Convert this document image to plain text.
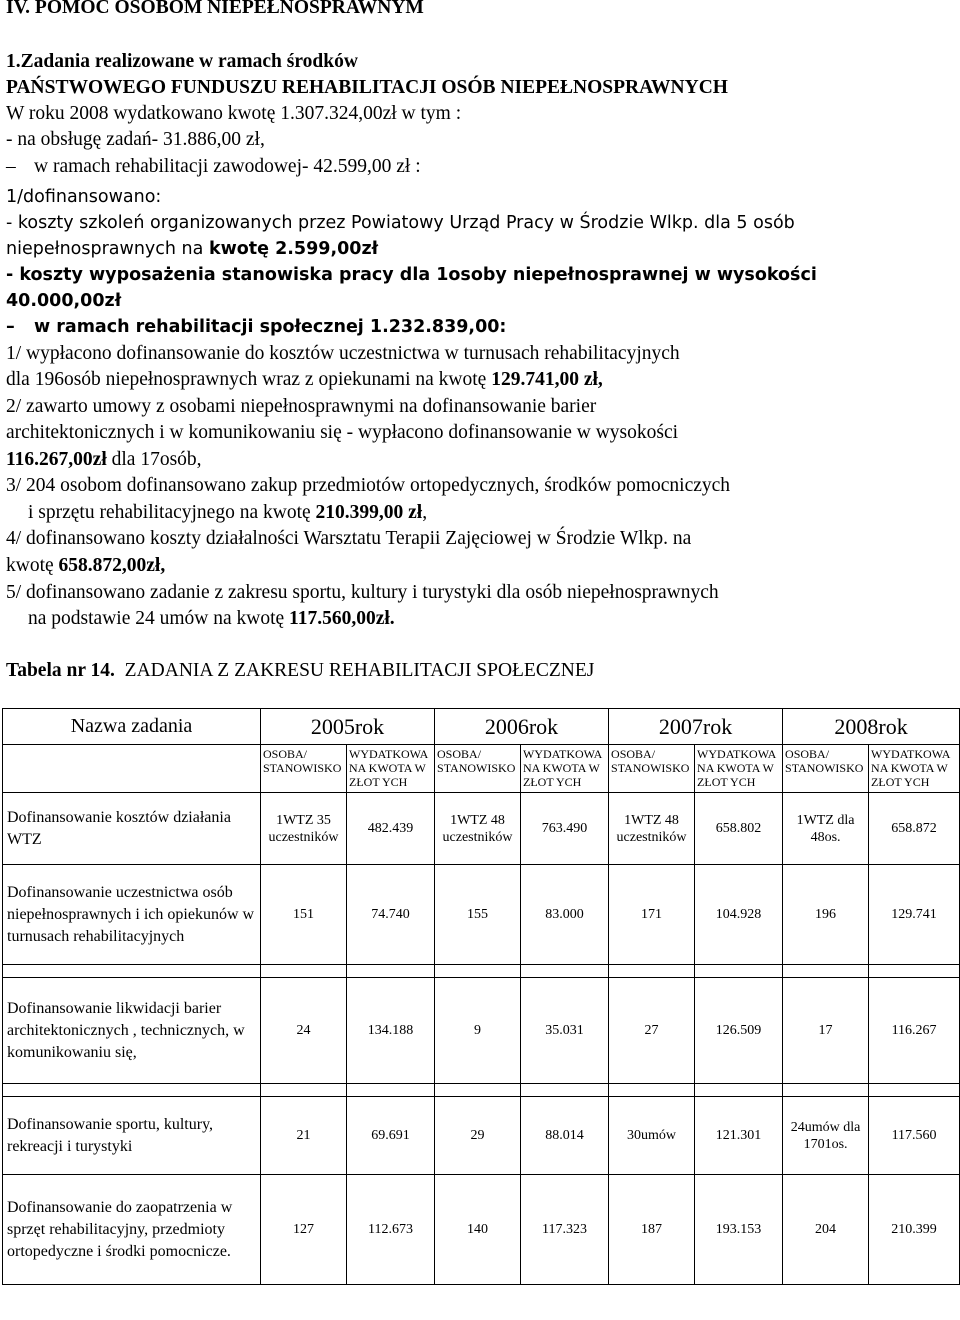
IV. POMOC OSOBOM NIEPEŁNOSPRAWNYM
1.Zadania realizowane w ramach środków
PAŃSTWOWEGO FUNDUSZU REHABILITACJI OSÓB NIEPEŁNOSPRAWNYCH
W roku 2008 wydatkowano kwotę 1.307.324,00zł w tym :
- na obsługę zadań- 31.886,00 zł,
– w ramach rehabilitacji zawodowej- 42.599,00 zł :
1/dofinansowano:
- koszty szkoleń organizowanych przez Powiatowy Urząd Pracy w Środzie Wlkp. dla 5 osób
niepełnosprawnych na kwotę 2.599,00zł
- koszty wyposażenia stanowiska pracy dla 1osoby niepełnosprawnej w wysokości
40.000,00zł
– w ramach rehabilitacji społecznej 1.232.839,00:
1/ wypłacono dofinansowanie do kosztów uczestnictwa w turnusach rehabilitacyjnych
dla 196osób niepełnosprawnych wraz z opiekunami na kwotę 129.741,00 zł,
2/ zawarto umowy z osobami niepełnosprawnymi na dofinansowanie barier
architektonicznych i w komunikowaniu się - wypłacono dofinansowanie w wysokości
116.267,00zł dla 17osób,
3/ 204 osobom dofinansowano zakup przedmiotów ortopedycznych, środków pomocniczych
i sprzętu rehabilitacyjnego na kwotę 210.399,00 zł,
4/ dofinansowano koszty działalności Warsztatu Terapii Zajęciowej w Środzie Wlkp. na
kwotę 658.872,00zł,
5/ dofinansowano zadanie z zakresu sportu, kultury i turystyki dla osób niepełnosprawnych
na podstawie 24 umów na kwotę 117.560,00zł.
Tabela nr 14. ZADANIA Z ZAKRESU REHABILITACJI SPOŁECZNEJ
Nazwa zadania	2005rok		2006rok		2007rok		2008rok	
	OSOBA/ STANOWISKO	WYDATKOWA NA KWOTA W ZŁOT YCH	OSOBA/ STANOWISKO	WYDATKOWA NA KWOTA W ZŁOT YCH	OSOBA/ STANOWISKO	WYDATKOWA NA KWOTA W ZŁOT YCH	OSOBA/ STANOWISKO	WYDATKOWA NA KWOTA W ZŁOT YCH
Dofinansowanie kosztów działania WTZ	1WTZ 35 uczestników	482.439	1WTZ 48 uczestników	763.490	1WTZ 48 uczestników	658.802	1WTZ dla 48os.	658.872
Dofinansowanie uczestnictwa osób niepełnosprawnych i ich opiekunów w turnusach rehabilitacyjnych	151	74.740	155	83.000	171	104.928	196	129.741

Dofinansowanie likwidacji barier architektonicznych , technicznych, w komunikowaniu się,	24	134.188	9	35.031	27	126.509	17	116.267

Dofinansowanie sportu, kultury, rekreacji i turystyki	21	69.691	29	88.014	30umów	121.301	24umów dla 1701os.	117.560
Dofinansowanie do zaopatrzenia w sprzęt rehabilitacyjny, przedmioty ortopedyczne i środki pomocnicze.	127	112.673	140	117.323	187	193.153	204	210.399
